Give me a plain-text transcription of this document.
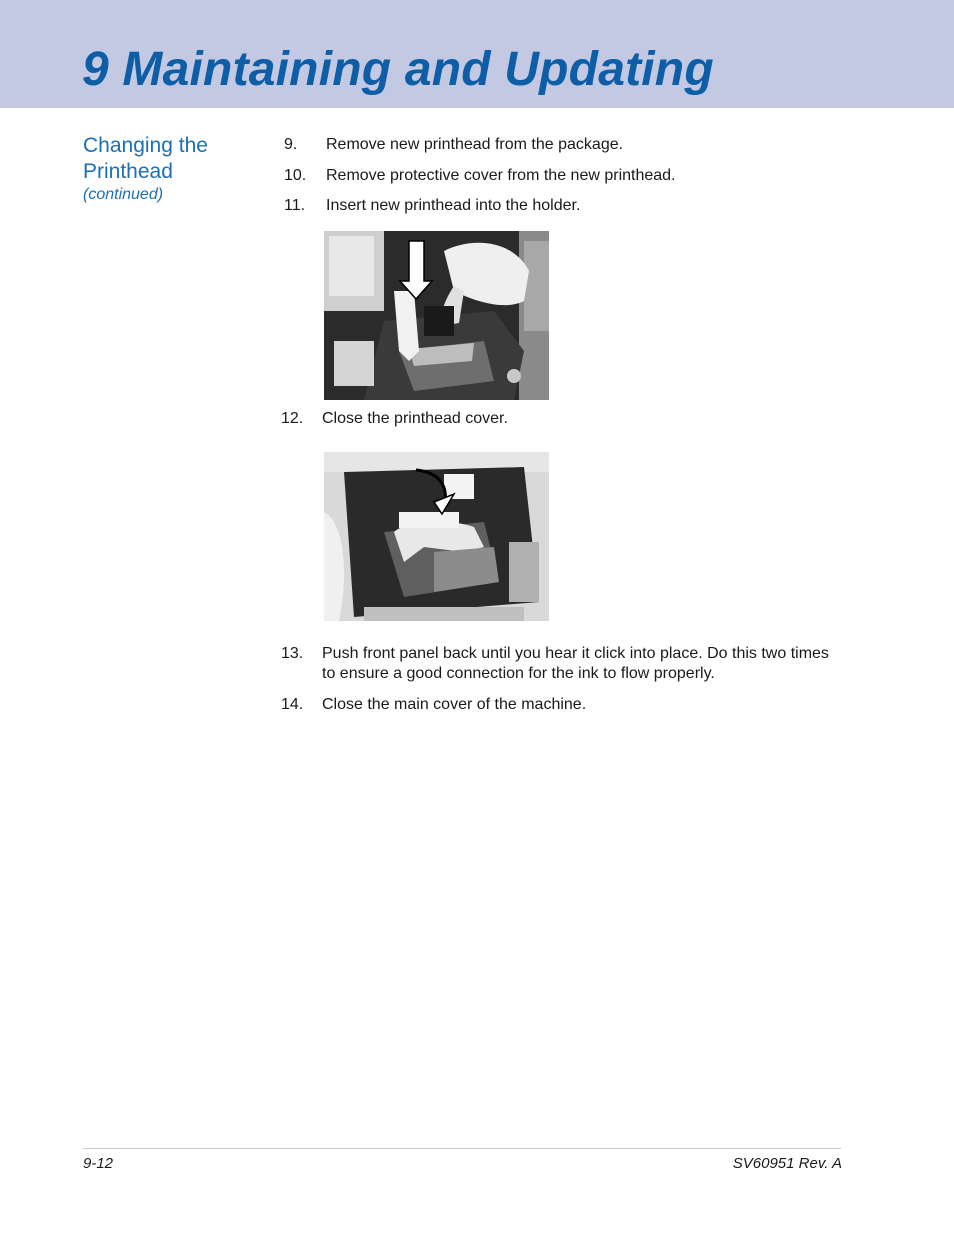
9 Maintaining and Updating
Changing the Printhead
(continued)
9. Remove new printhead from the package.
10. Remove protective cover from the new printhead.
11. Insert new printhead into the holder.
12. Close the printhead cover.
13. Push front panel back until you hear it click into place. Do this two times to ensure a good connection for the ink to flow properly.
14. Close the main cover of the machine.
9-12	SV60951 Rev. A
